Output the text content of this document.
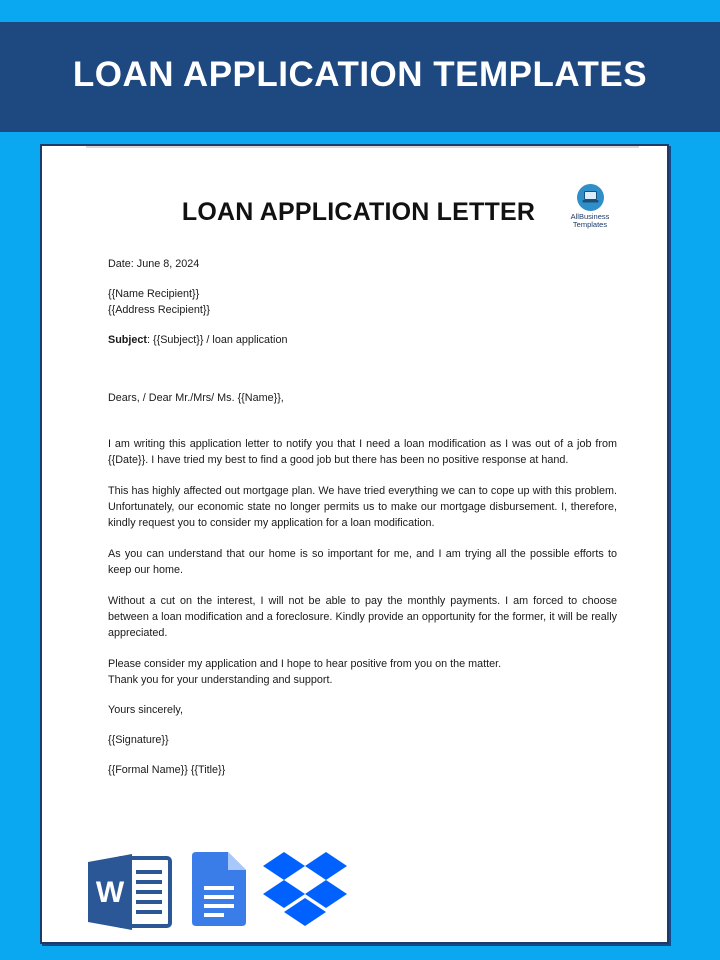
LOAN APPLICATION TEMPLATES
LOAN APPLICATION LETTER	AllBusiness
Templates

Date: June 8, 2024

{{Name Recipient}}

{{Address Recipient}}

Subject: {{Subject}} / loan application

Dears, / Dear Mr./Mrs/ Ms. {{Name}},

I am writing this application letter to notify you that I need a loan modification as I was out of a job from {{Date}}. I have tried my best to find a good job but there has been no positive response at hand.

This has highly affected out mortgage plan. We have tried everything we can to cope up with this problem. Unfortunately, our economic state no longer permits us to make our mortgage disbursement. I, therefore, kindly request you to consider my application for a loan modification.

As you can understand that our home is so important for me, and I am trying all the possible efforts to keep our home.

Without a cut on the interest, I will not be able to pay the monthly payments. I am forced to choose between a loan modification and a foreclosure. Kindly provide an opportunity for the former, it will be really appreciated.

Please consider my application and I hope to hear positive from you on the matter.

Thank you for your understanding and support.

Yours sincerely,

{{Signature}}

{{Formal Name}} {{Title}}

W
